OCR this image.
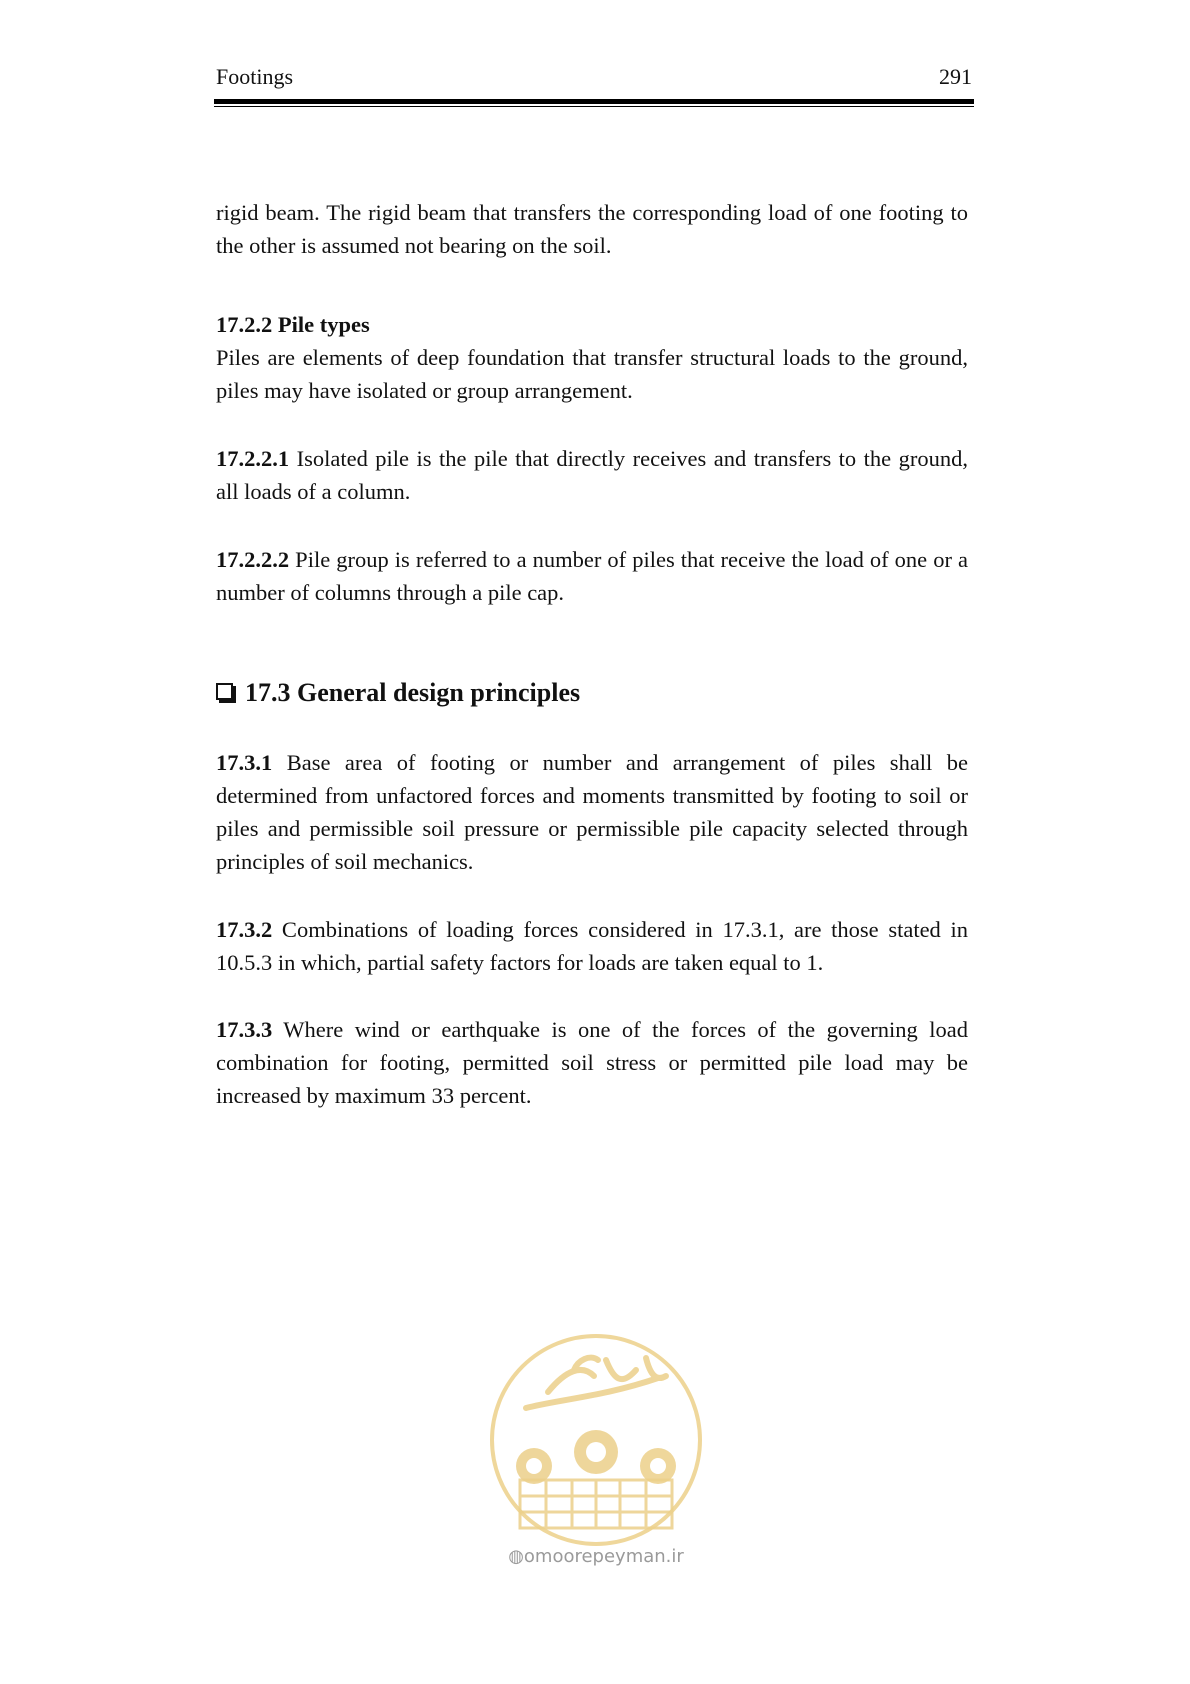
Footings	291

rigid beam. The rigid beam that transfers the corresponding load of one footing to the other is assumed not bearing on the soil.

17.2.2 Pile types

Piles are elements of deep foundation that transfer structural loads to the ground, piles may have isolated or group arrangement.

17.2.2.1 Isolated pile is the pile that directly receives and transfers to the ground, all loads of a column.

17.2.2.2 Pile group is referred to a number of piles that receive the load of one or a number of columns through a pile cap.

17.3 General design principles

17.3.1 Base area of footing or number and arrangement of piles shall be determined from unfactored forces and moments transmitted by footing to soil or piles and permissible soil pressure or permissible pile capacity selected through principles of soil mechanics.

17.3.2 Combinations of loading forces considered in 17.3.1, are those stated in 10.5.3 in which, partial safety factors for loads are taken equal to 1.

17.3.3 Where wind or earthquake is one of the forces of the governing load combination for footing, permitted soil stress or permitted pile load may be increased by maximum 33 percent.

◍omoorepeyman.ir
